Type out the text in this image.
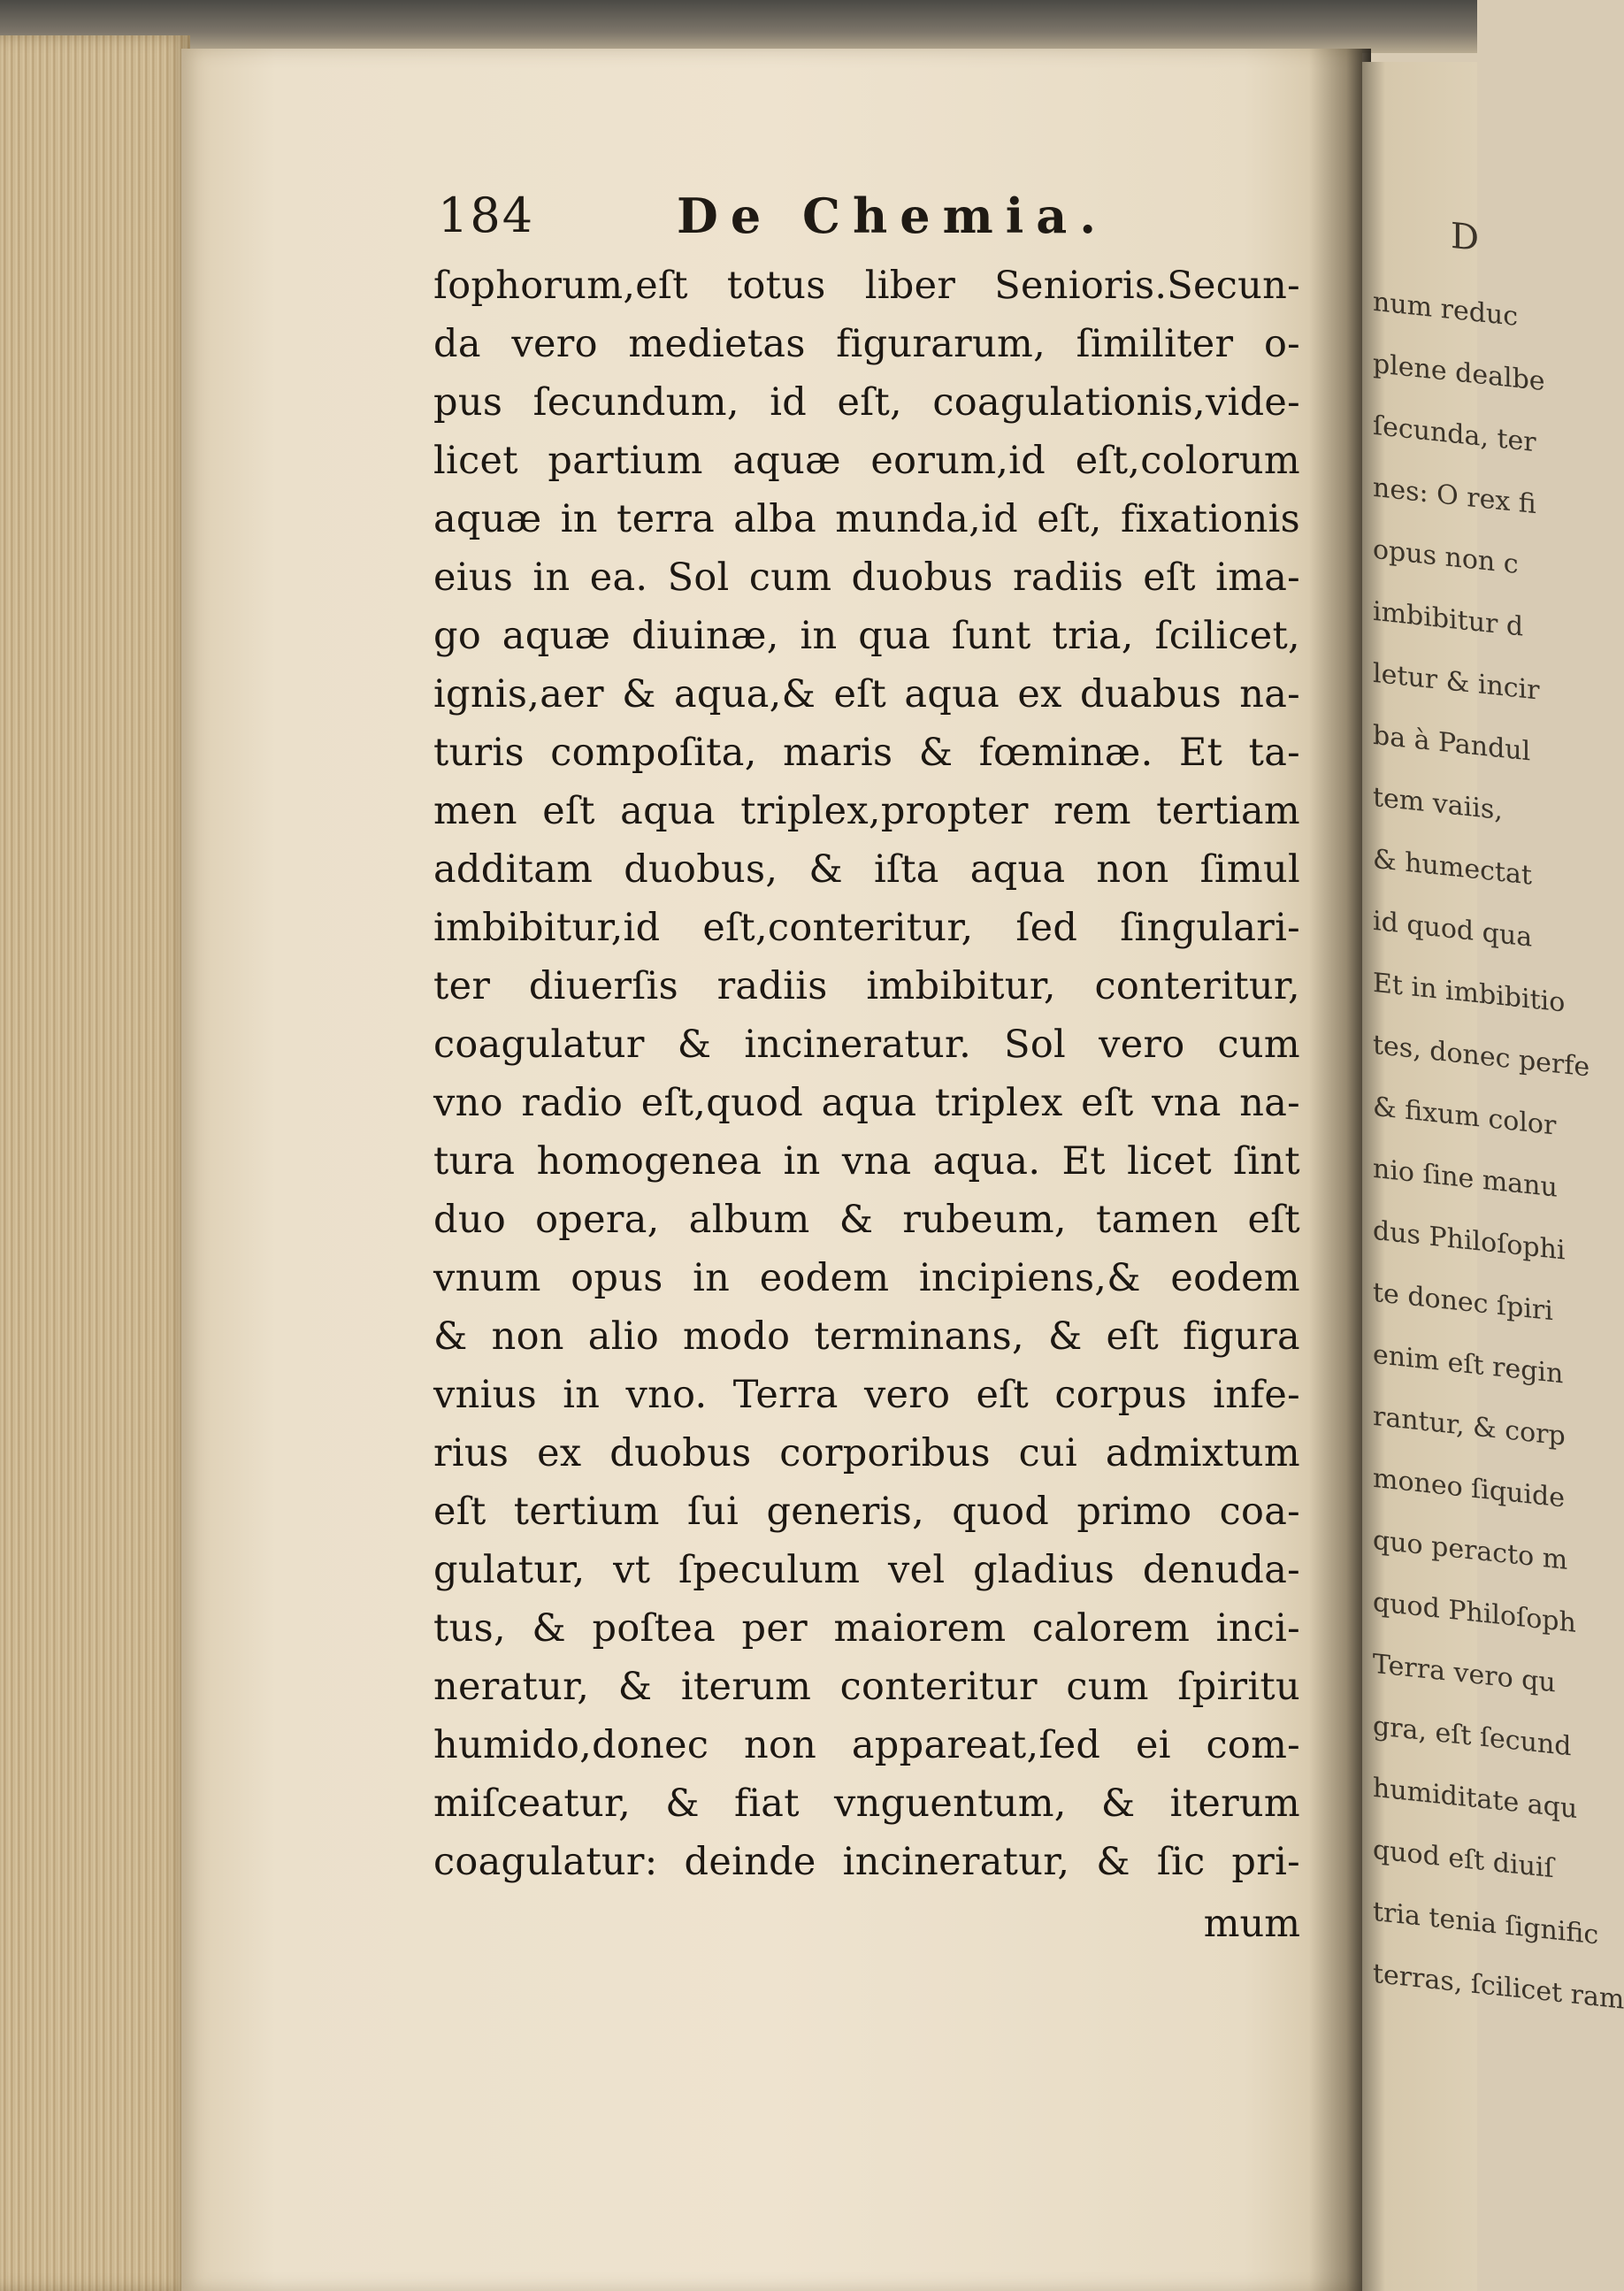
D
num reduc
plene dealbe
ſecunda, ter
nes: O rex fi
opus non c
imbibitur d
letur & incir
ba à Pandul
tem vaiis,
& humectat
id quod qua
Et in imbibitio
tes, donec perfe
& fixum color
nio ſine manu
dus Philoſophi
te donec ſpiri
enim eſt regin
rantur, & corp
moneo ſiquide
quo peracto m
quod Philoſoph
Terra vero qu
gra, eſt ſecund
humiditate aqu
quod eſt diuiſ
tria tenia ſignific
terras, ſcilicet ram
184	De Chemia.
ſophorum,eſt totus liber Senioris.Secun-
da vero medietas figurarum, ſimiliter o-
pus ſecundum, id eſt, coagulationis,vide-
licet partium aquæ eorum,id eſt,colorum
aquæ in terra alba munda,id eſt, fixationis
eius in ea. Sol cum duobus radiis eſt ima-
go aquæ diuinæ, in qua ſunt tria, ſcilicet,
ignis,aer & aqua,& eſt aqua ex duabus na-
turis compoſita, maris & fœminæ. Et ta-
men eſt aqua triplex,propter rem tertiam
additam duobus, & iſta aqua non ſimul
imbibitur,id eſt,conteritur, ſed ſingulari-
ter diuerſis radiis imbibitur, conteritur,
coagulatur & incineratur. Sol vero cum
vno radio eſt,quod aqua triplex eſt vna na-
tura homogenea in vna aqua. Et licet ſint
duo opera, album & rubeum, tamen eſt
vnum opus in eodem incipiens,& eodem
& non alio modo terminans, & eſt figura
vnius in vno. Terra vero eſt corpus infe-
rius ex duobus corporibus cui admixtum
eſt tertium ſui generis, quod primo coa-
gulatur, vt ſpeculum vel gladius denuda-
tus, & poſtea per maiorem calorem inci-
neratur, & iterum conteritur cum ſpiritu
humido,donec non appareat,ſed ei com-
miſceatur, & fiat vnguentum, & iterum
coagulatur: deinde incineratur, & ſic pri-
mum
